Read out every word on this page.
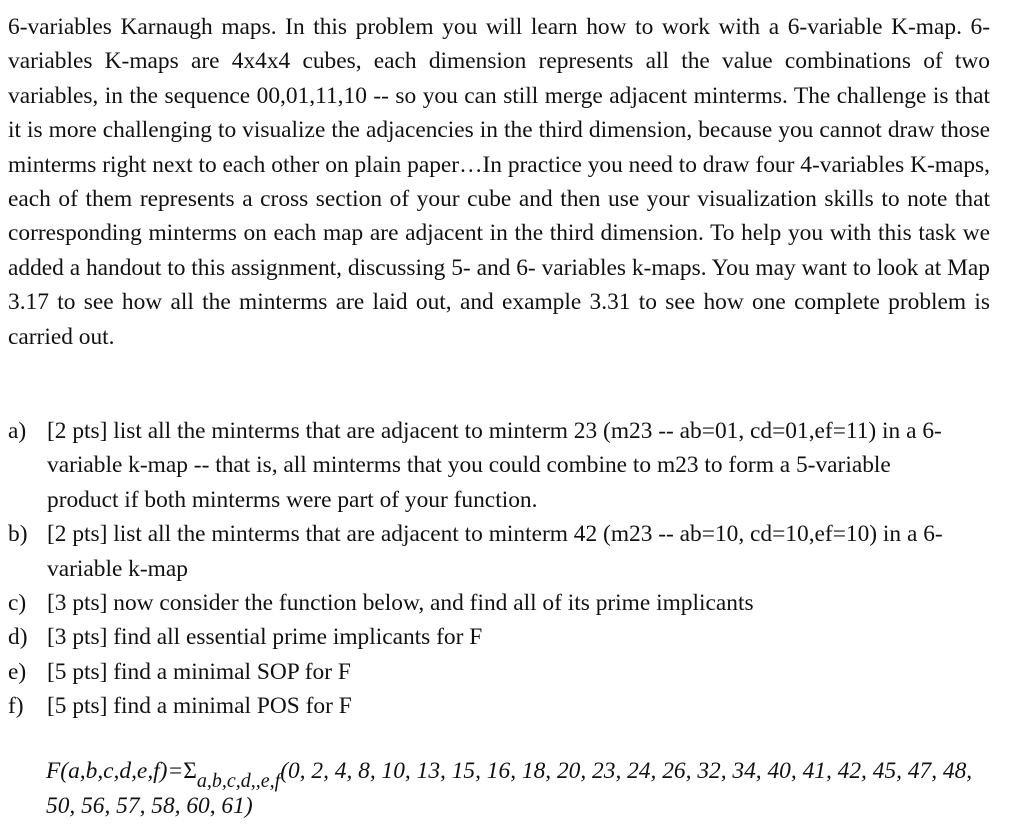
6-variables Karnaugh maps. In this problem you will learn how to work with a 6-variable K-map. 6-variables K-maps are 4x4x4 cubes, each dimension represents all the value combinations of two variables, in the sequence 00,01,11,10 -- so you can still merge adjacent minterms. The challenge is that it is more challenging to visualize the adjacencies in the third dimension, because you cannot draw those minterms right next to each other on plain paper…In practice you need to draw four 4-variables K-maps, each of them represents a cross section of your cube and then use your visualization skills to note that corresponding minterms on each map are adjacent in the third dimension. To help you with this task we added a handout to this assignment, discussing 5- and 6- variables k-maps. You may want to look at Map 3.17 to see how all the minterms are laid out, and example 3.31 to see how one complete problem is carried out.

a) [2 pts] list all the minterms that are adjacent to minterm 23 (m23 -- ab=01, cd=01,ef=11) in a 6-variable k-map -- that is, all minterms that you could combine to m23 to form a 5-variable product if both minterms were part of your function.
b) [2 pts] list all the minterms that are adjacent to minterm 42 (m23 -- ab=10, cd=10,ef=10) in a 6-variable k-map
c) [3 pts] now consider the function below, and find all of its prime implicants
d) [3 pts] find all essential prime implicants for F
e) [5 pts] find a minimal SOP for F
f)	[5 pts] find a minimal POS for F
F(a,b,c,d,e,f)=Σa,b,c,d,,e,f(0, 2, 4, 8, 10, 13, 15, 16, 18, 20, 23, 24, 26, 32, 34, 40, 41, 42, 45, 47, 48, 50, 56, 57, 58, 60, 61)
